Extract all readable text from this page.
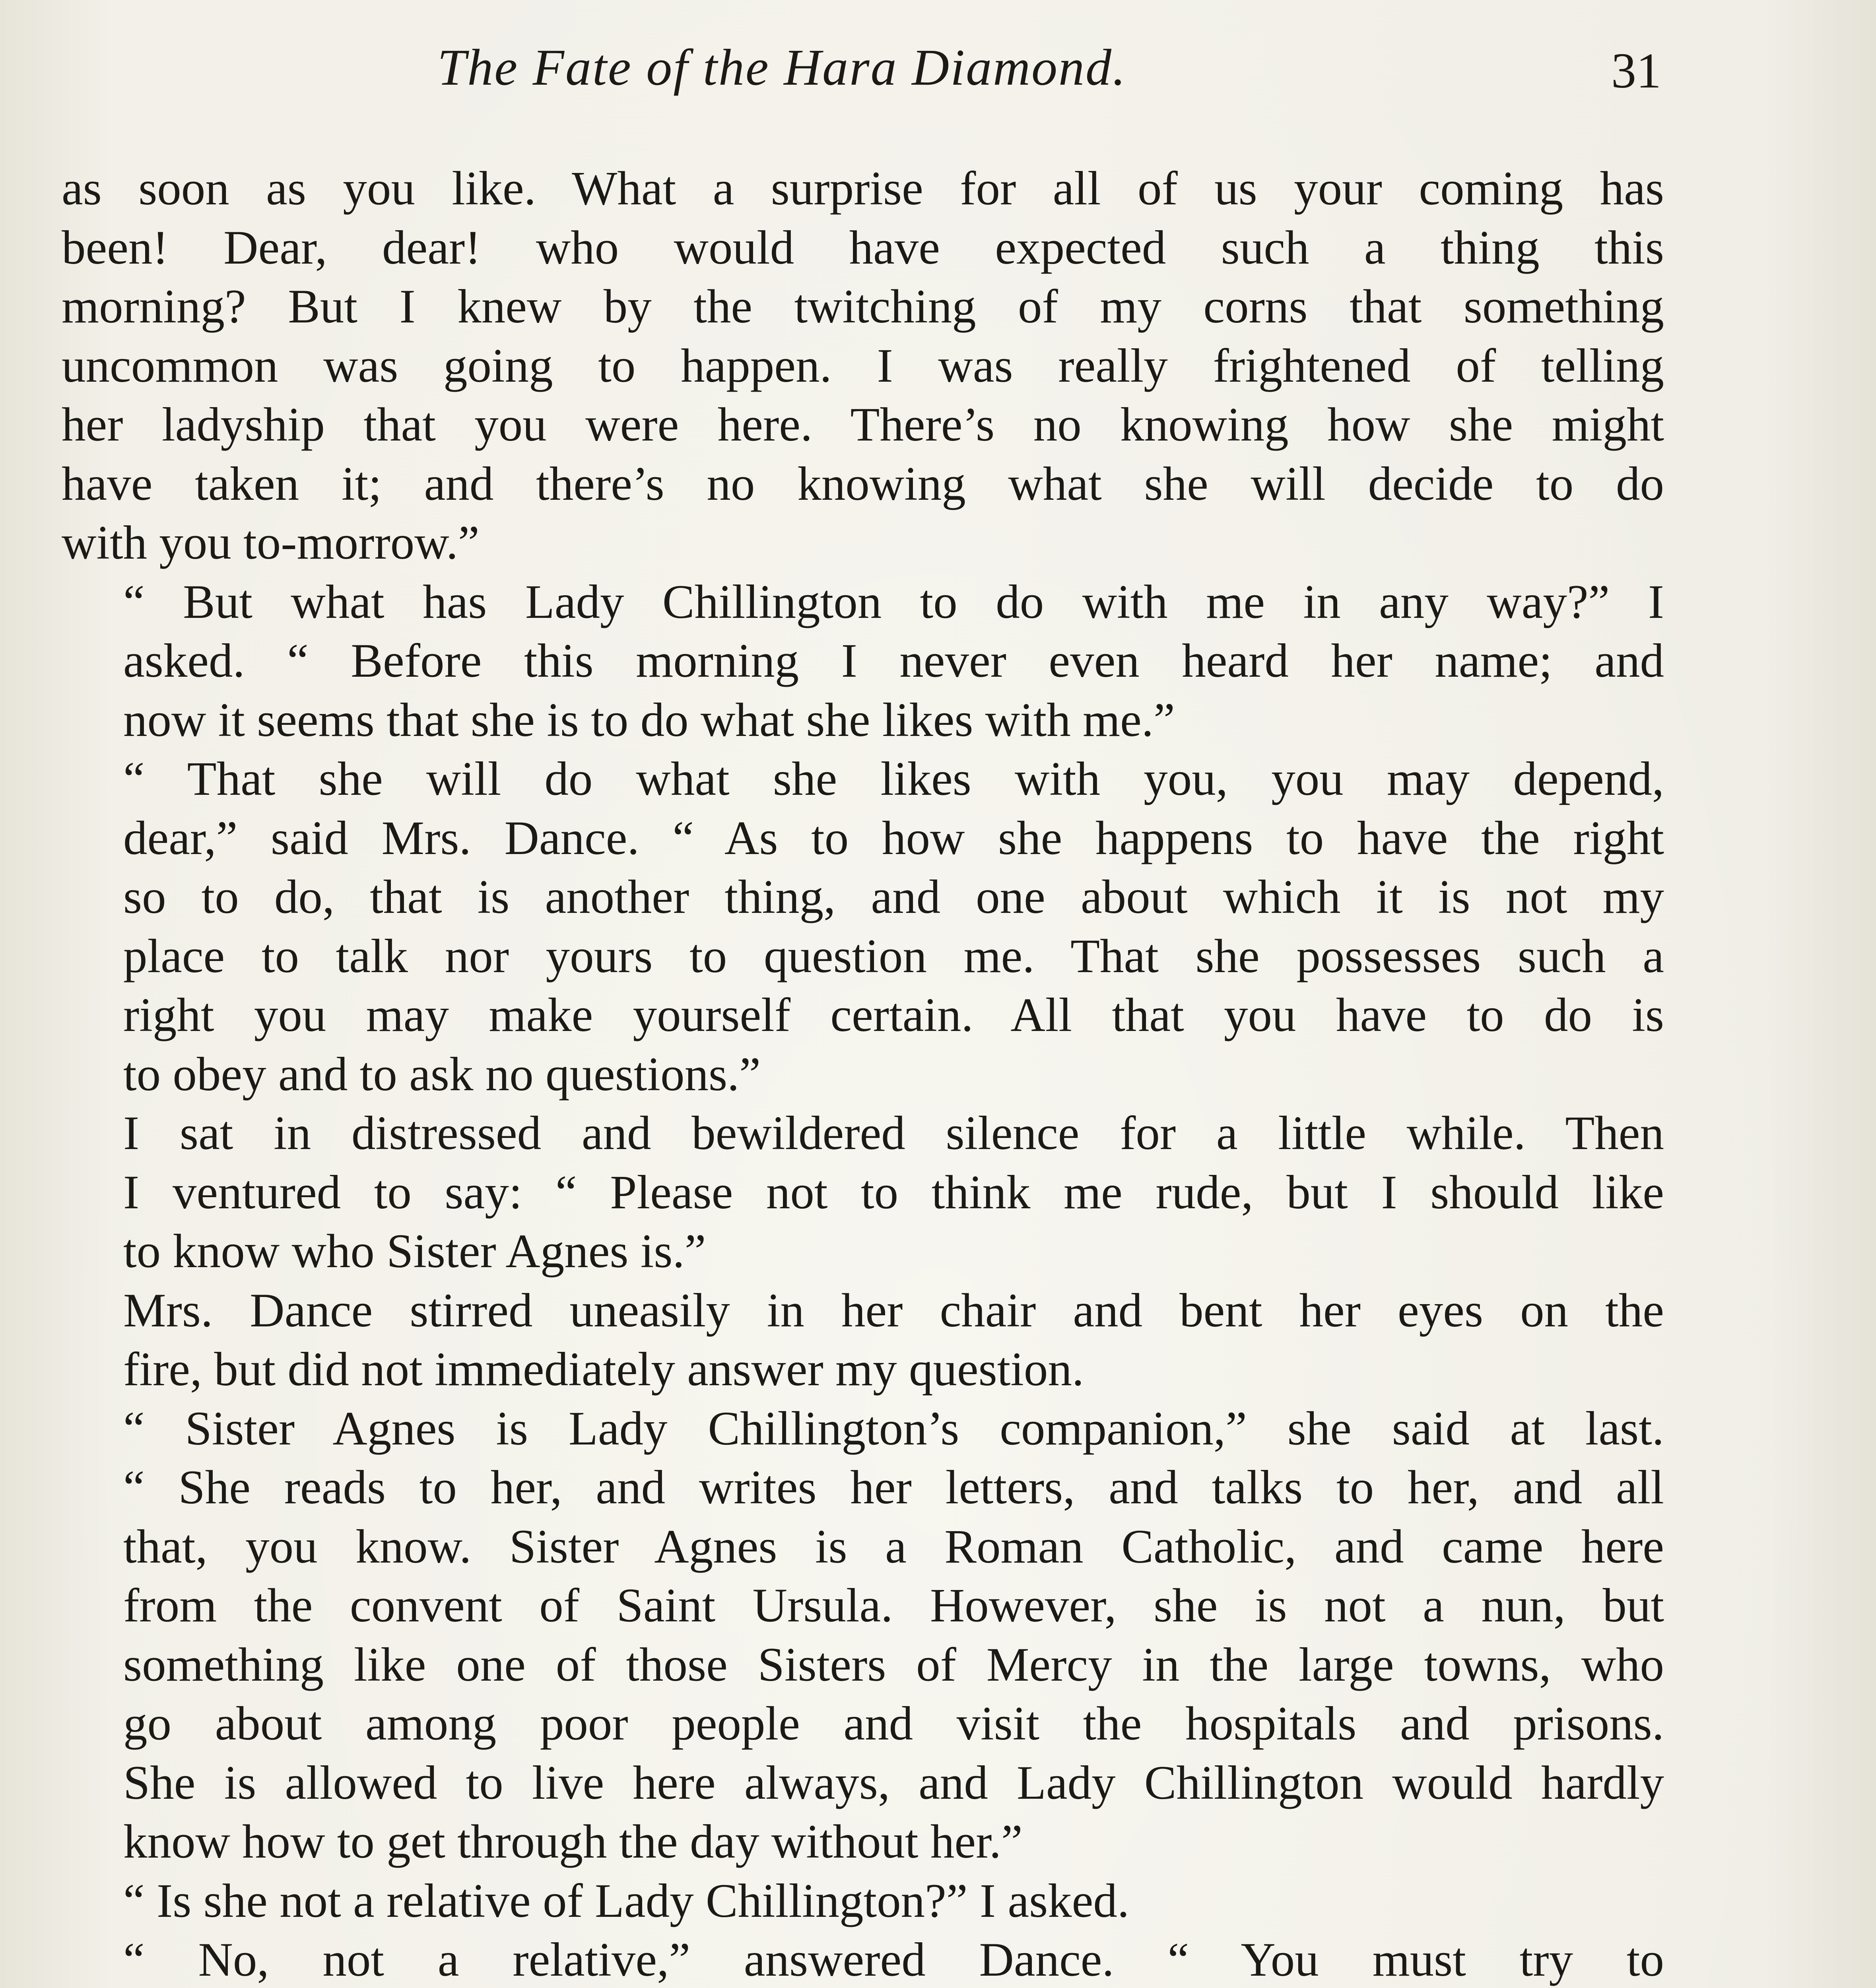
The Fate of the Hara Diamond.	31

as soon as you like. What a surprise for all of us your coming has
been! Dear, dear! who would have expected such a thing this
morning? But I knew by the twitching of my corns that something
uncommon was going to happen. I was really frightened of telling
her ladyship that you were here. There’s no knowing how she might
have taken it; and there’s no knowing what she will decide to do
with you to-morrow.”

“ But what has Lady Chillington to do with me in any way?” I
asked. “ Before this morning I never even heard her name; and
now it seems that she is to do what she likes with me.”

“ That she will do what she likes with you, you may depend,
dear,” said Mrs. Dance. “ As to how she happens to have the right
so to do, that is another thing, and one about which it is not my
place to talk nor yours to question me. That she possesses such a
right you may make yourself certain. All that you have to do is
to obey and to ask no questions.”

I sat in distressed and bewildered silence for a little while. Then
I ventured to say: “ Please not to think me rude, but I should like
to know who Sister Agnes is.”

Mrs. Dance stirred uneasily in her chair and bent her eyes on the
fire, but did not immediately answer my question.

“ Sister Agnes is Lady Chillington’s companion,” she said at last.
“ She reads to her, and writes her letters, and talks to her, and all
that, you know. Sister Agnes is a Roman Catholic, and came here
from the convent of Saint Ursula. However, she is not a nun, but
something like one of those Sisters of Mercy in the large towns, who
go about among poor people and visit the hospitals and prisons.
She is allowed to live here always, and Lady Chillington would hardly
know how to get through the day without her.”

“ Is she not a relative of Lady Chillington?” I asked.

“ No, not a relative,” answered Dance. “ You must try to
